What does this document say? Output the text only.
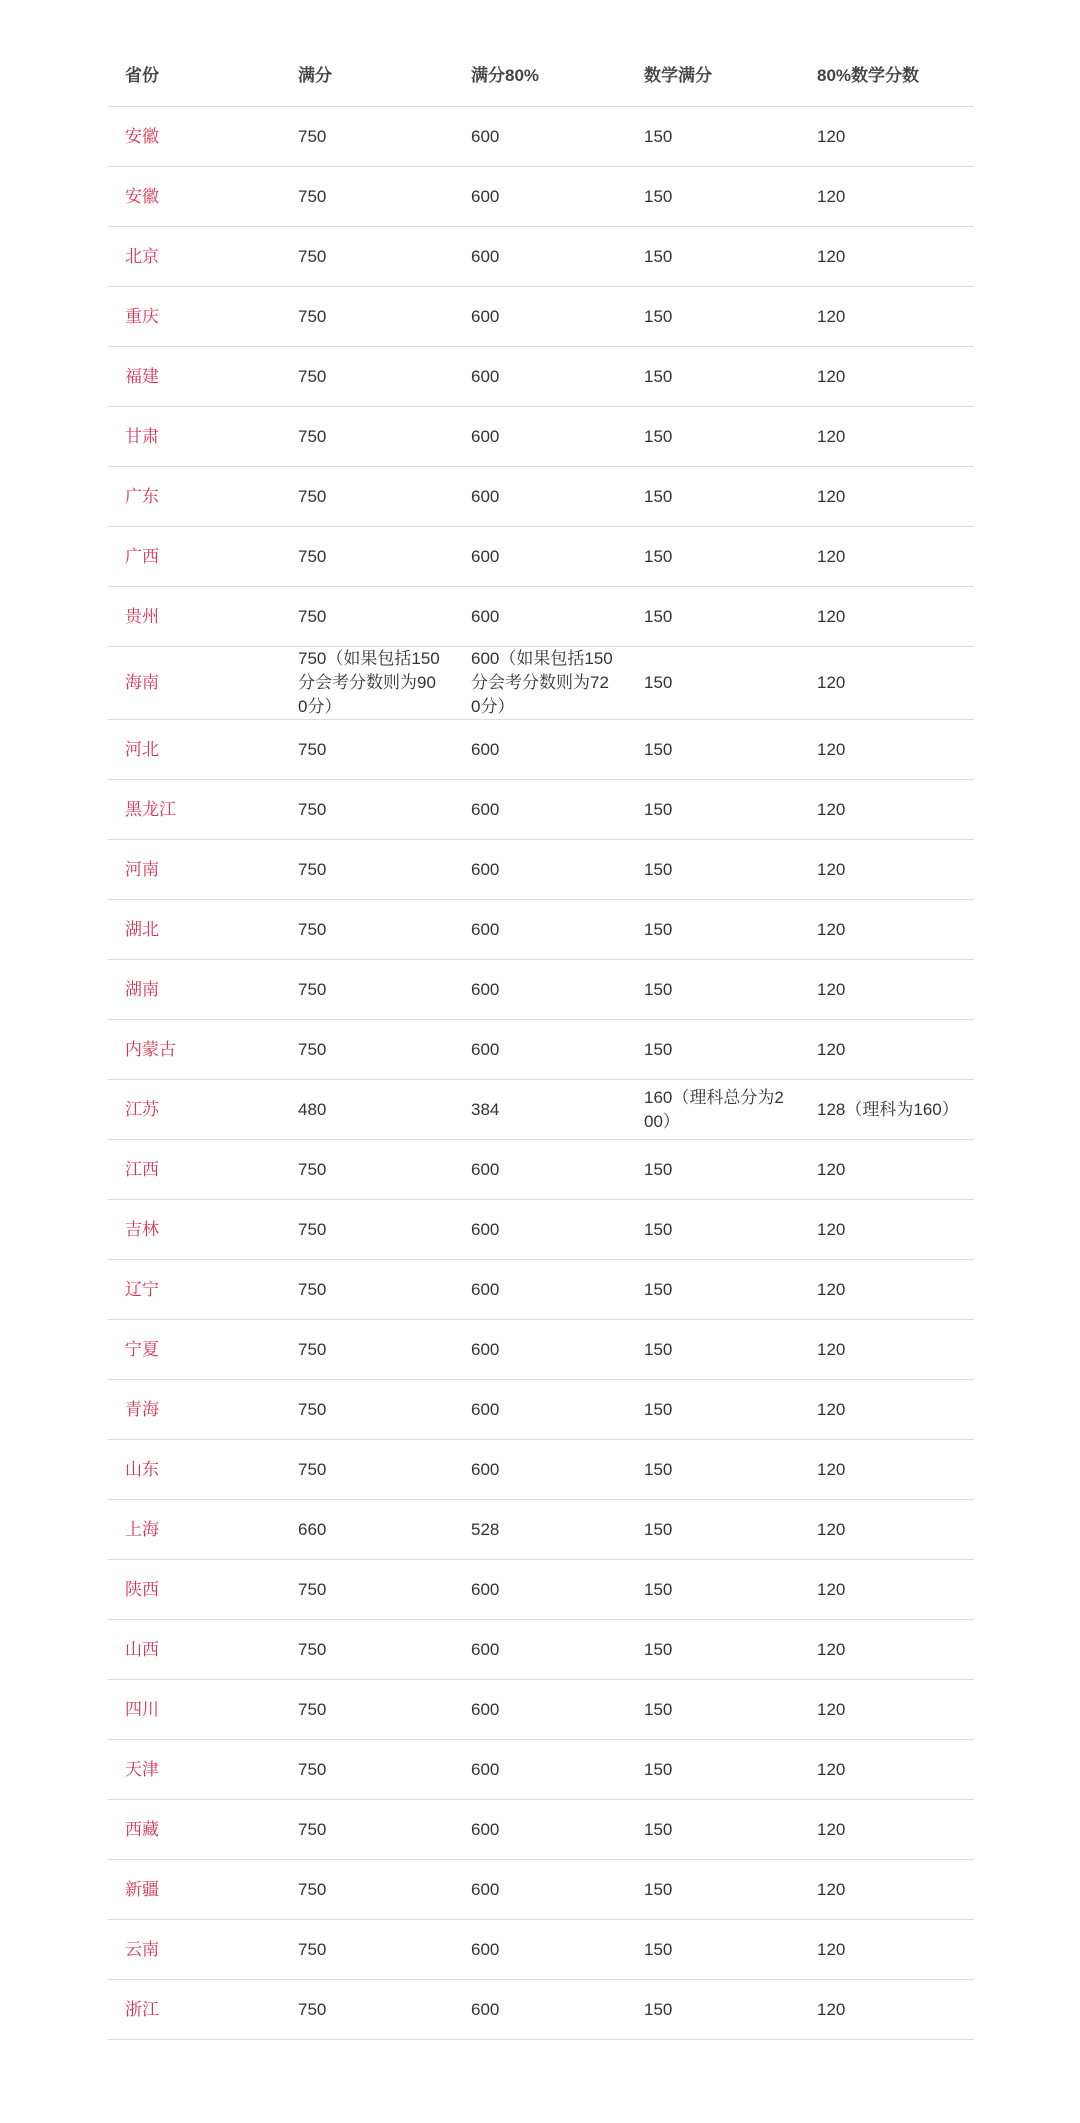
省份	满分	满分80%	数学满分	80%数学分数
安徽	750	600	150	120
安徽	750	600	150	120
北京	750	600	150	120
重庆	750	600	150	120
福建	750	600	150	120
甘肃	750	600	150	120
广东	750	600	150	120
广西	750	600	150	120
贵州	750	600	150	120
海南	750（如果包括150分会考分数则为900分）	600（如果包括150分会考分数则为720分）	150	120
河北	750	600	150	120
黑龙江	750	600	150	120
河南	750	600	150	120
湖北	750	600	150	120
湖南	750	600	150	120
内蒙古	750	600	150	120
江苏	480	384	160（理科总分为200）	128（理科为160）
江西	750	600	150	120
吉林	750	600	150	120
辽宁	750	600	150	120
宁夏	750	600	150	120
青海	750	600	150	120
山东	750	600	150	120
上海	660	528	150	120
陕西	750	600	150	120
山西	750	600	150	120
四川	750	600	150	120
天津	750	600	150	120
西藏	750	600	150	120
新疆	750	600	150	120
云南	750	600	150	120
浙江	750	600	150	120
